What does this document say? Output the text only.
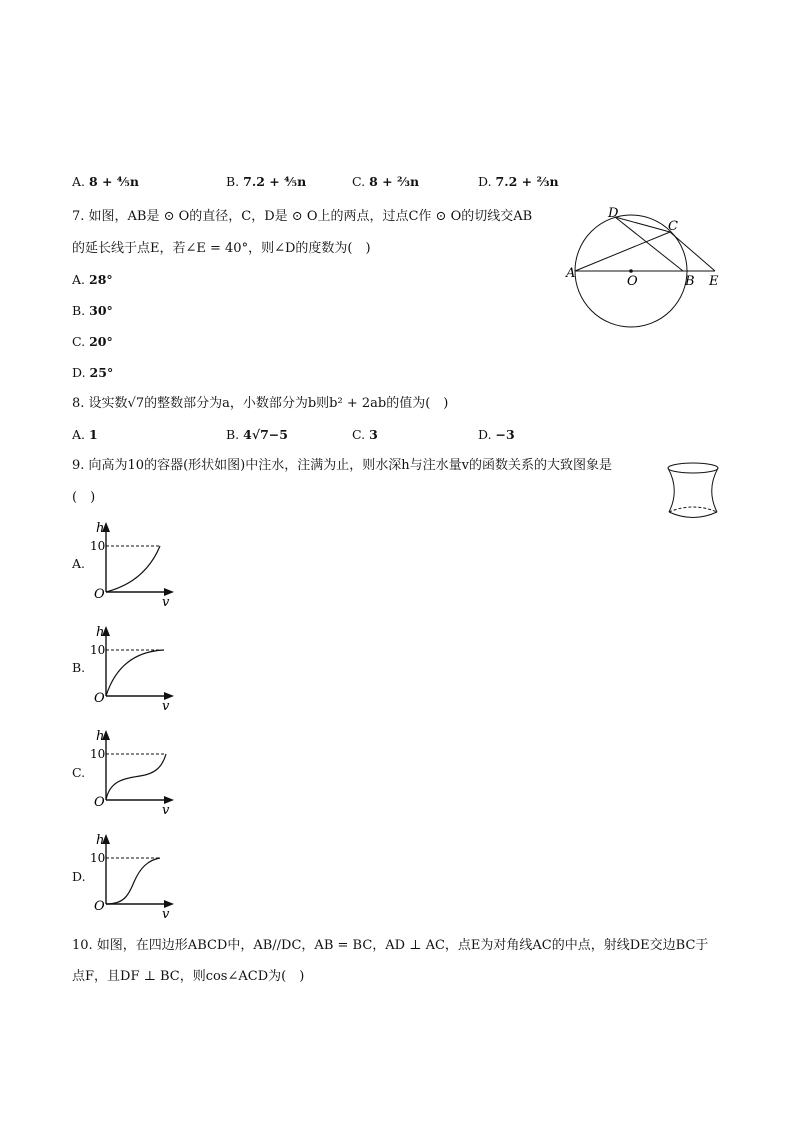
A. 8 + ⁴⁄₅n	B. 7.2 + ⁴⁄₅n	C. 8 + ²⁄₃n	D. 7.2 + ²⁄₃n
7. 如图，AB是 ⊙ O的直径，C，D是 ⊙ O上的两点，过点C作 ⊙ O的切线交AB
的延长线于点E，若∠E = 40°，则∠D的度数为(　)
A. 28°
B. 30°
C. 20°
D. 25°
D
C
A
O	B E
8. 设实数√7的整数部分为a，小数部分为b则b² + 2ab的值为(　)
A. 1	B. 4√7−5	C. 3	D. −3
9. 向高为10的容器(形状如图)中注水，注满为止，则水深h与注水量v的函数关系的大致图象是
(　)
A.
h
10
O
v
B.
h
10
O
v
C.
h
10
O
v
D.
h
10
O
v
10. 如图，在四边形ABCD中，AB//DC，AB = BC，AD ⊥ AC，点E为对角线AC的中点，射线DE交边BC于
点F，且DF ⊥ BC，则cos∠ACD为(　)
